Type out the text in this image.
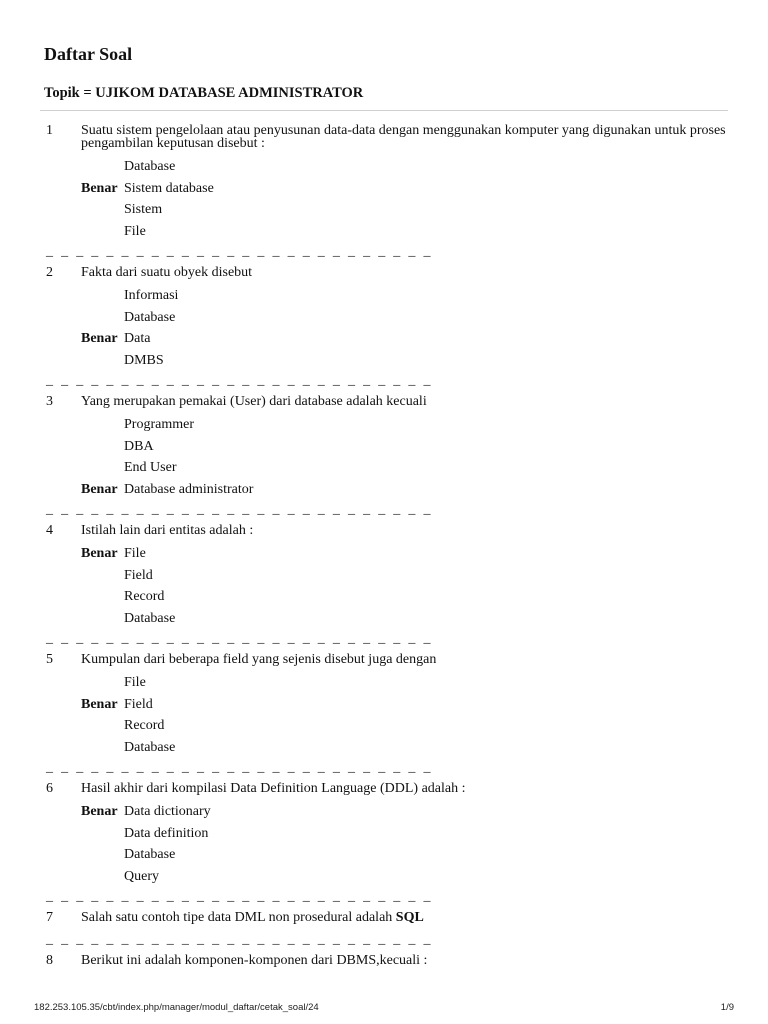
Daftar Soal
Topik = UJIKOM DATABASE ADMINISTRATOR
1 Suatu sistem pengelolaan atau penyusunan data-data dengan menggunakan komputer yang digunakan untuk proses pengambilan keputusan disebut :
Database
Benar Sistem database
Sistem
File
_ _ _ _ _ _ _ _ _ _ _ _ _ _ _ _ _ _ _ _ _ _ _ _ _ _
2 Fakta dari suatu obyek disebut
Informasi
Database
Benar Data
DMBS
_ _ _ _ _ _ _ _ _ _ _ _ _ _ _ _ _ _ _ _ _ _ _ _ _ _
3 Yang merupakan pemakai (User) dari database adalah kecuali
Programmer
DBA
End User
Benar Database administrator
_ _ _ _ _ _ _ _ _ _ _ _ _ _ _ _ _ _ _ _ _ _ _ _ _ _
4 Istilah lain dari entitas adalah :
Benar File
Field
Record
Database
_ _ _ _ _ _ _ _ _ _ _ _ _ _ _ _ _ _ _ _ _ _ _ _ _ _
5 Kumpulan dari beberapa field yang sejenis disebut juga dengan
File
Benar Field
Record
Database
_ _ _ _ _ _ _ _ _ _ _ _ _ _ _ _ _ _ _ _ _ _ _ _ _ _
6 Hasil akhir dari kompilasi Data Definition Language (DDL) adalah :
Benar Data dictionary
Data definition
Database
Query
_ _ _ _ _ _ _ _ _ _ _ _ _ _ _ _ _ _ _ _ _ _ _ _ _ _
7 Salah satu contoh tipe data DML non prosedural adalah SQL
_ _ _ _ _ _ _ _ _ _ _ _ _ _ _ _ _ _ _ _ _ _ _ _ _ _
8 Berikut ini adalah komponen-komponen dari DBMS,kecuali :
182.253.105.35/cbt/index.php/manager/modul_daftar/cetak_soal/24	1/9
